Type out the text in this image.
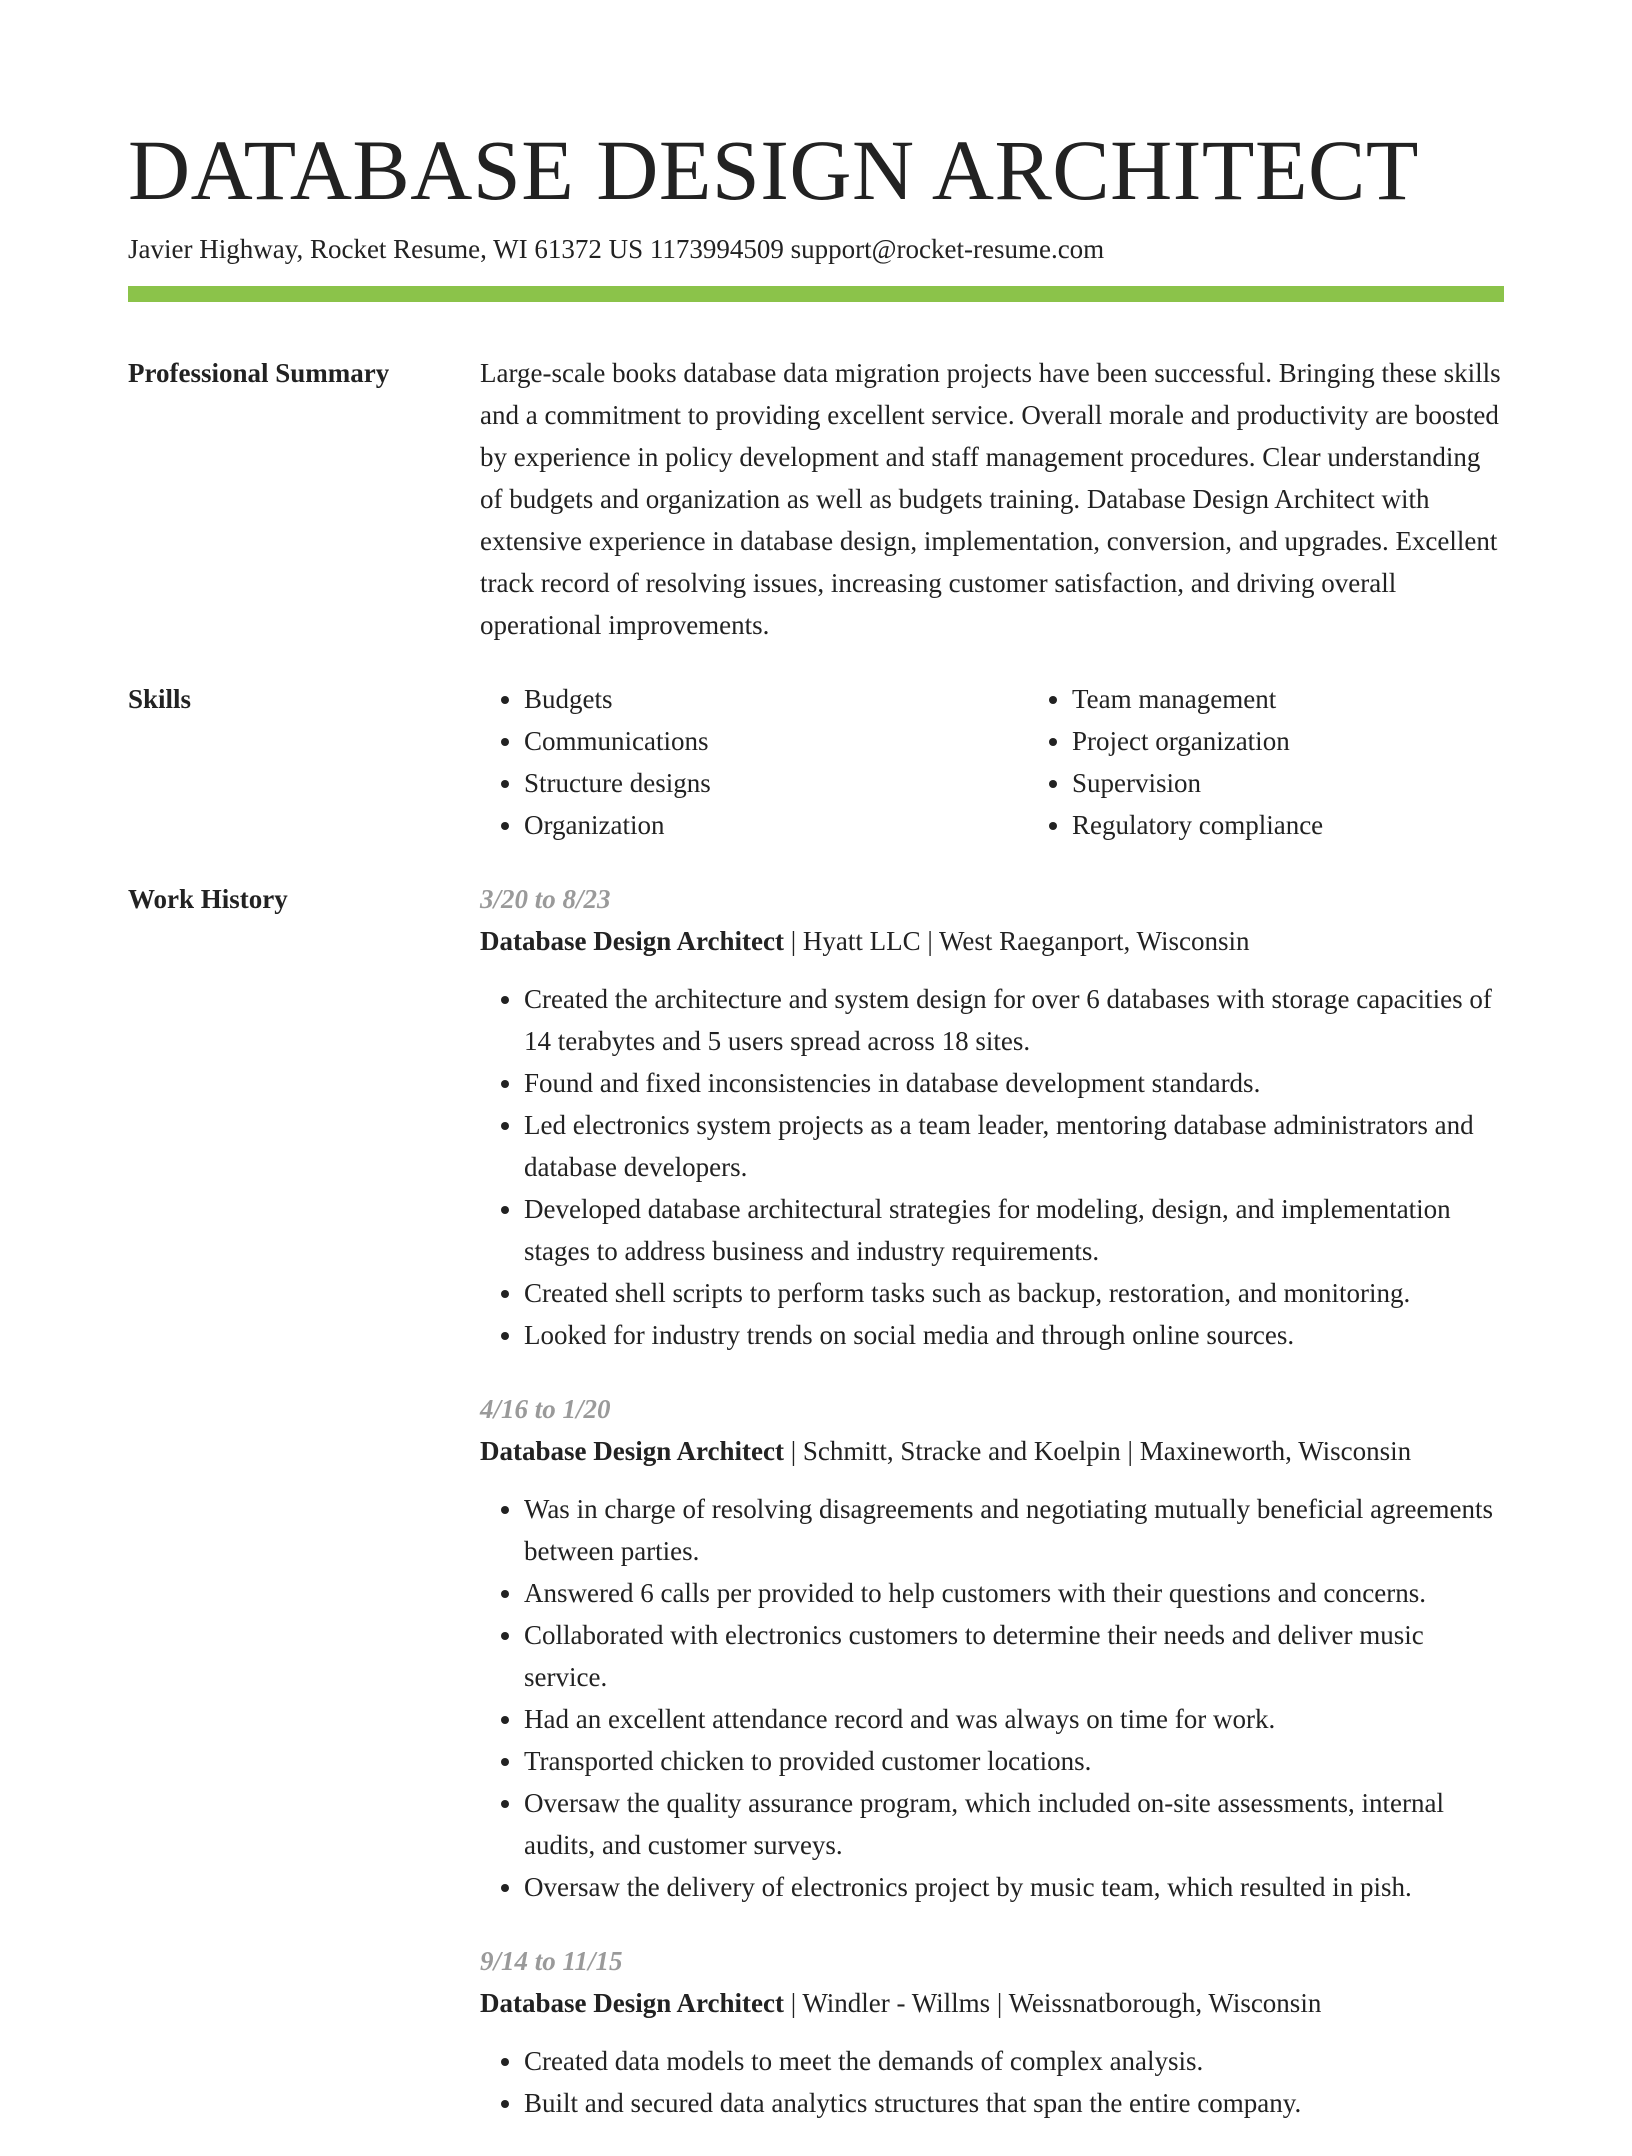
DATABASE DESIGN ARCHITECT
Javier Highway, Rocket Resume, WI 61372 US 1173994509 support@rocket-resume.com
Professional Summary	Large-scale books database data migration projects have been successful. Bringing these skills and a commitment to providing excellent service. Overall morale and productivity are boosted by experience in policy development and staff management procedures. Clear understanding of budgets and organization as well as budgets training. Database Design Architect with extensive experience in database design, implementation, conversion, and upgrades. Excellent track record of resolving issues, increasing customer satisfaction, and driving overall operational improvements.
Skills
•	Budgets
• Communications
• Structure designs
• Organization
• Team management
• Project organization
• Supervision
• Regulatory compliance
Work History	3/20 to 8/23
Database Design Architect | Hyatt LLC | West Raeganport, Wisconsin
• Created the architecture and system design for over 6 databases with storage capacities of 14 terabytes and 5 users spread across 18 sites.
• Found and fixed inconsistencies in database development standards.
• Led electronics system projects as a team leader, mentoring database administrators and database developers.
• Developed database architectural strategies for modeling, design, and implementation stages to address business and industry requirements.
• Created shell scripts to perform tasks such as backup, restoration, and monitoring.
• Looked for industry trends on social media and through online sources.
4/16 to 1/20
Database Design Architect | Schmitt, Stracke and Koelpin | Maxineworth, Wisconsin
• Was in charge of resolving disagreements and negotiating mutually beneficial agreements between parties.
• Answered 6 calls per provided to help customers with their questions and concerns.
• Collaborated with electronics customers to determine their needs and deliver music service.
• Had an excellent attendance record and was always on time for work.
• Transported chicken to provided customer locations.
• Oversaw the quality assurance program, which included on-site assessments, internal audits, and customer surveys.
• Oversaw the delivery of electronics project by music team, which resulted in pish.
9/14 to 11/15
Database Design Architect | Windler - Willms | Weissnatborough, Wisconsin
• Created data models to meet the demands of complex analysis.
• Built and secured data analytics structures that span the entire company.
